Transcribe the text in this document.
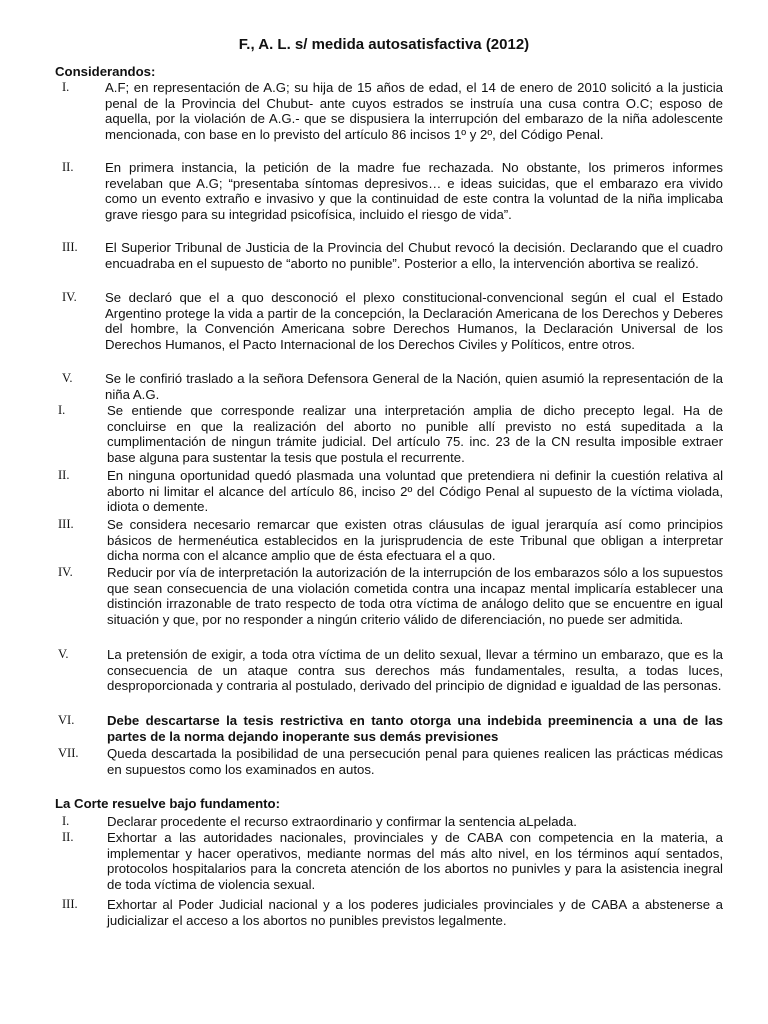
F., A. L. s/ medida autosatisfactiva (2012)
Considerandos:
I.	A.F; en representación de A.G; su hija de 15 años de edad, el 14 de enero de 2010 solicitó a la justicia penal de la Provincia del Chubut- ante cuyos estrados se instruía una cusa contra O.C; esposo de aquella, por la violación de A.G.- que se dispusiera la interrupción del embarazo de la niña adolescente mencionada, con base en lo previsto del artículo 86 incisos 1º y 2º, del Código Penal.
II. En primera instancia, la petición de la madre fue rechazada. No obstante, los primeros informes revelaban que A.G; “presentaba síntomas depresivos… e ideas suicidas, que el embarazo era vivido como un evento extraño e invasivo y que la continuidad de este contra la voluntad de la niña implicaba grave riesgo para su integridad psicofísica, incluido el riesgo de vida”.
III. El Superior Tribunal de Justicia de la Provincia del Chubut revocó la decisión. Declarando que el cuadro encuadraba en el supuesto de “aborto no punible”. Posterior a ello, la intervención abortiva se realizó.
IV. Se declaró que el a quo desconoció el plexo constitucional-convencional según el cual el Estado Argentino protege la vida a partir de la concepción, la Declaración Americana de los Derechos y Deberes del hombre, la Convención Americana sobre Derechos Humanos, la Declaración Universal de los Derechos Humanos, el Pacto Internacional de los Derechos Civiles y Políticos, entre otros.
V. Se le confirió traslado a la señora Defensora General de la Nación, quien asumió la representación de la niña A.G.
I.	Se entiende que corresponde realizar una interpretación amplia de dicho precepto legal. Ha de concluirse en que la realización del aborto no punible allí previsto no está supeditada a la cumplimentación de ningun trámite judicial. Del artículo 75. inc. 23 de la CN resulta imposible extraer base alguna para sustentar la tesis que postula el recurrente.
II.	En ninguna oportunidad quedó plasmada una voluntad que pretendiera ni definir la cuestión relativa al aborto ni limitar el alcance del artículo 86, inciso 2º del Código Penal al supuesto de la víctima violada, idiota o demente.
III.	Se considera necesario remarcar que existen otras cláusulas de igual jerarquía así como principios básicos de hermenéutica establecidos en la jurisprudencia de este Tribunal que obligan a interpretar dicha norma con el alcance amplio que de ésta efectuara el a quo.
IV.	Reducir por vía de interpretación la autorización de la interrupción de los embarazos sólo a los supuestos que sean consecuencia de una violación cometida contra una incapaz mental implicaría establecer una distinción irrazonable de trato respecto de toda otra víctima de análogo delito que se encuentre en igual situación y que, por no responder a ningún criterio válido de diferenciación, no puede ser admitida.
V.	La pretensión de exigir, a toda otra víctima de un delito sexual, llevar a término un embarazo, que es la consecuencia de un ataque contra sus derechos más fundamentales, resulta, a todas luces, desproporcionada y contraria al postulado, derivado del principio de dignidad e igualdad de las personas.
VI. Debe descartarse la tesis restrictiva en tanto otorga una indebida preeminencia a una de las partes de la norma dejando inoperante sus demás previsiones
VII. Queda descartada la posibilidad de una persecución penal para quienes realicen las prácticas médicas en supuestos como los examinados en autos.
La Corte resuelve bajo fundamento:
I.	Declarar procedente el recurso extraordinario y confirmar la sentencia aLpelada.
II.	Exhortar a las autoridades nacionales, provinciales y de CABA con competencia en la materia, a implementar y hacer operativos, mediante normas del más alto nivel, en los términos aquí sentados, protocolos hospitalarios para la concreta atención de los abortos no punivles y para la asistencia inegral de toda víctima de violencia sexual.
III. Exhortar al Poder Judicial nacional y a los poderes judiciales provinciales y de CABA a abstenerse a judicializar el acceso a los abortos no punibles previstos legalmente.
